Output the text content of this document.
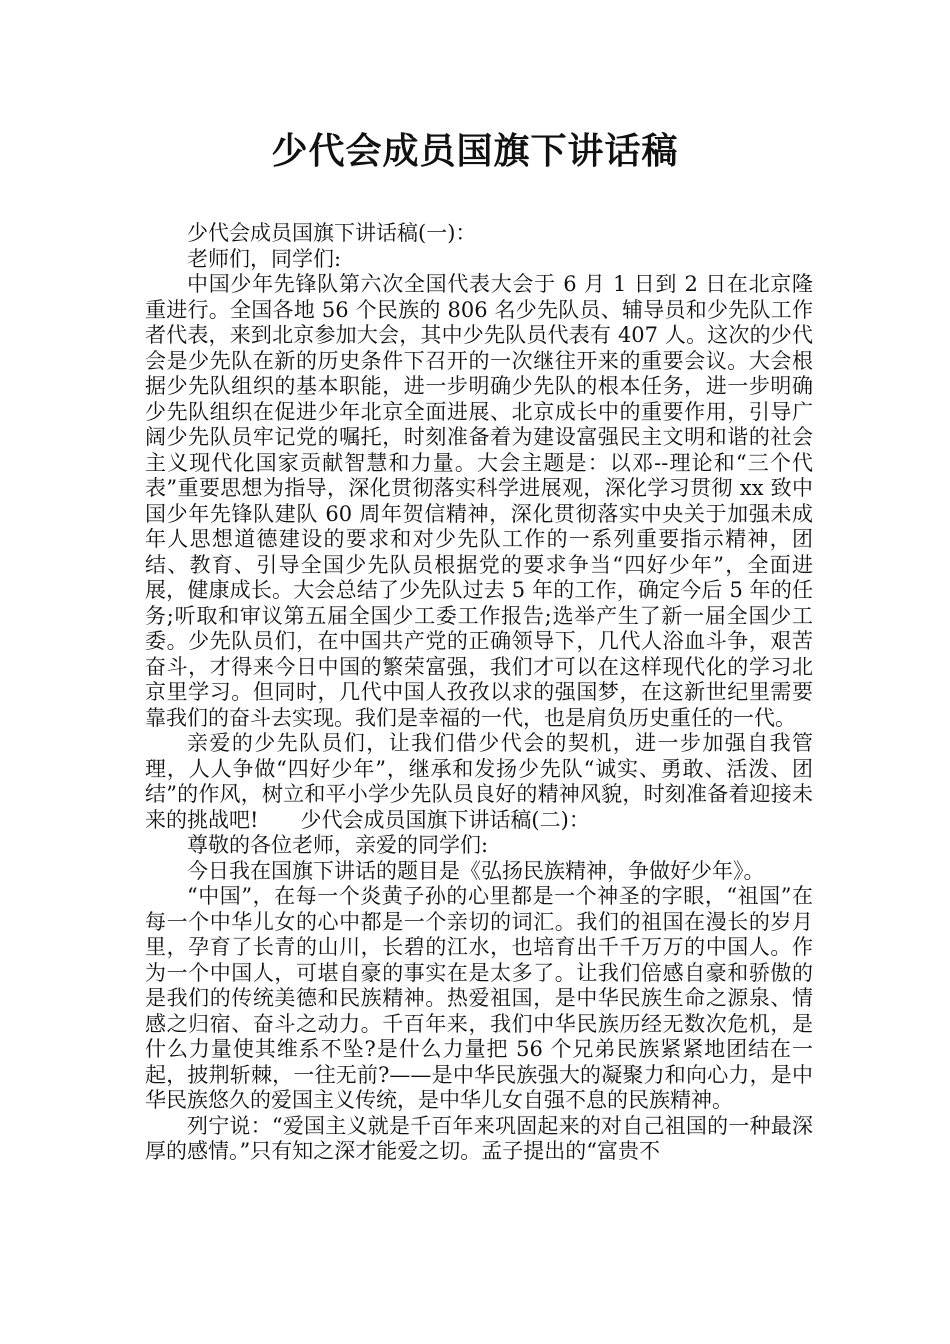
少代会成员国旗下讲话稿

少代会成员国旗下讲话稿(一)：

老师们，同学们:

中国少年先锋队第六次全国代表大会于 6 月 1 日到 2 日在北京隆重进行。全国各地 56 个民族的 806 名少先队员、辅导员和少先队工作者代表，来到北京参加大会，其中少先队员代表有 407 人。这次的少代会是少先队在新的历史条件下召开的一次继往开来的重要会议。大会根据少先队组织的基本职能，进一步明确少先队的根本任务，进一步明确少先队组织在促进少年北京全面进展、北京成长中的重要作用，引导广阔少先队员牢记党的嘱托，时刻准备着为建设富强民主文明和谐的社会主义现代化国家贡献智慧和力量。大会主题是：以邓--理论和“三个代表”重要思想为指导，深化贯彻落实科学进展观，深化学习贯彻 xx 致中国少年先锋队建队 60 周年贺信精神，深化贯彻落实中央关于加强未成年人思想道德建设的要求和对少先队工作的一系列重要指示精神，团结、教育、引导全国少先队员根据党的要求争当“四好少年”，全面进展，健康成长。大会总结了少先队过去 5 年的工作，确定今后 5 年的任务;听取和审议第五届全国少工委工作报告;选举产生了新一届全国少工委。少先队员们，在中国共产党的正确领导下，几代人浴血斗争，艰苦奋斗，才得来今日中国的繁荣富强，我们才可以在这样现代化的学习北京里学习。但同时，几代中国人孜孜以求的强国梦，在这新世纪里需要靠我们的奋斗去实现。我们是幸福的一代，也是肩负历史重任的一代。

亲爱的少先队员们，让我们借少代会的契机，进一步加强自我管理，人人争做“四好少年”，继承和发扬少先队“诚实、勇敢、活泼、团结”的作风，树立和平小学少先队员良好的精神风貌，时刻准备着迎接未来的挑战吧!　　少代会成员国旗下讲话稿(二)：

尊敬的各位老师，亲爱的同学们:

今日我在国旗下讲话的题目是《弘扬民族精神，争做好少年》。

“中国”，在每一个炎黄子孙的心里都是一个神圣的字眼，“祖国”在每一个中华儿女的心中都是一个亲切的词汇。我们的祖国在漫长的岁月里，孕育了长青的山川，长碧的江水，也培育出千千万万的中国人。作为一个中国人，可堪自豪的事实在是太多了。让我们倍感自豪和骄傲的是我们的传统美德和民族精神。热爱祖国，是中华民族生命之源泉、情感之归宿、奋斗之动力。千百年来，我们中华民族历经无数次危机，是什么力量使其维系不坠?是什么力量把 56 个兄弟民族紧紧地团结在一起，披荆斩棘，一往无前?——是中华民族强大的凝聚力和向心力，是中华民族悠久的爱国主义传统，是中华儿女自强不息的民族精神。

列宁说：“爱国主义就是千百年来巩固起来的对自己祖国的一种最深厚的感情。”只有知之深才能爱之切。孟子提出的“富贵不
